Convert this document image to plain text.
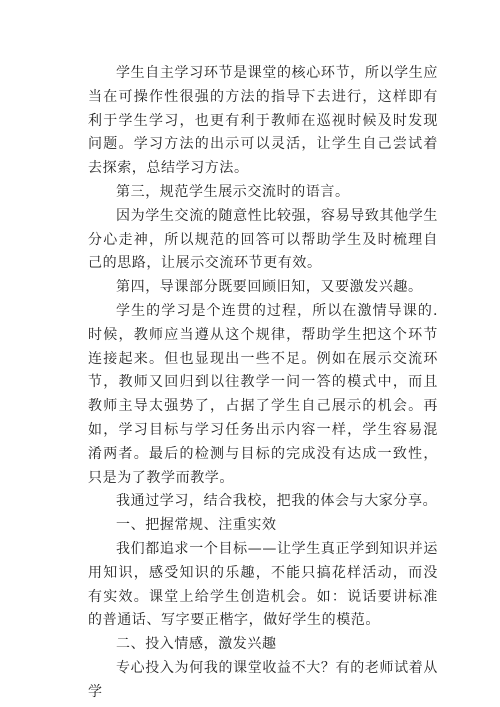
学生自主学习环节是课堂的核心环节，所以学生应当在可操作性很强的方法的指导下去进行，这样即有利于学生学习，也更有利于教师在巡视时候及时发现问题。学习方法的出示可以灵活，让学生自己尝试着去探索，总结学习方法。

第三，规范学生展示交流时的语言。

因为学生交流的随意性比较强，容易导致其他学生分心走神，所以规范的回答可以帮助学生及时梳理自己的思路，让展示交流环节更有效。

第四，导课部分既要回顾旧知，又要激发兴趣。

学生的学习是个连贯的过程，所以在激情导课的.时候，教师应当遵从这个规律，帮助学生把这个环节连接起来。但也显现出一些不足。例如在展示交流环节，教师又回归到以往教学一问一答的模式中，而且教师主导太强势了，占据了学生自己展示的机会。再如，学习目标与学习任务出示内容一样，学生容易混淆两者。最后的检测与目标的完成没有达成一致性，只是为了教学而教学。

我通过学习，结合我校，把我的体会与大家分享。

一、把握常规、注重实效

我们都追求一个目标——让学生真正学到知识并运用知识，感受知识的乐趣，不能只搞花样活动，而没有实效。课堂上给学生创造机会。如：说话要讲标准的普通话、写字要正楷字，做好学生的模范。

二、投入情感，激发兴趣

专心投入为何我的课堂收益不大？有的老师试着从学
